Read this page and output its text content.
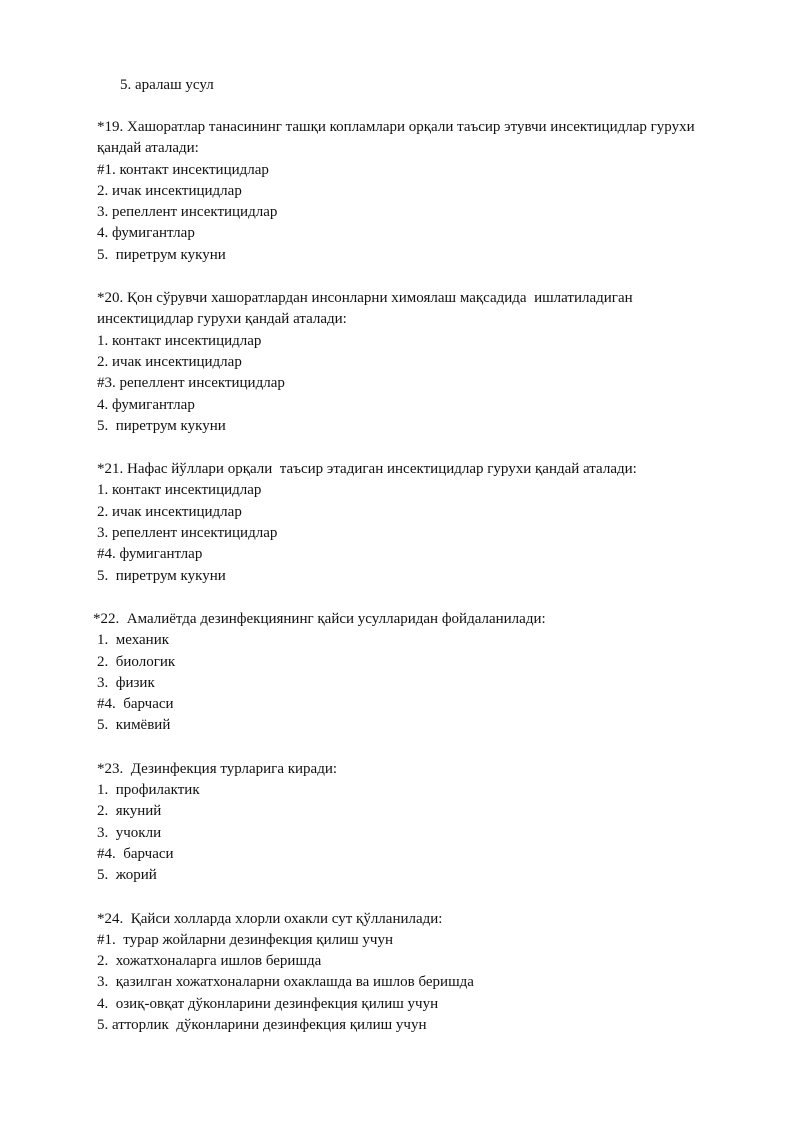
5. аралаш усул
*19. Хашоратлар танасининг ташқи копламлари орқали таъсир этувчи инсектицидлар гурухи қандай аталади:
#1. контакт инсектицидлар
2. ичак инсектицидлар
3. репеллент инсектицидлар
4. фумигантлар
5.  пиретрум кукуни
*20. Қон сўрувчи хашоратлардан инсонларни химоялаш мақсадида  ишлатиладиган инсектицидлар гурухи қандай аталади:
1. контакт инсектицидлар
2. ичак инсектицидлар
#3. репеллент инсектицидлар
4. фумигантлар
5.  пиретрум кукуни
*21. Нафас йўллари орқали  таъсир этадиган инсектицидлар гурухи қандай аталади:
1. контакт инсектицидлар
2. ичак инсектицидлар
3. репеллент инсектицидлар
#4. фумигантлар
5.  пиретрум кукуни
*22.  Амалиётда дезинфекциянинг қайси усулларидан фойдаланилади:
1.  механик
2.  биологик
3.  физик
#4.  барчаси
5.  кимёвий
*23.  Дезинфекция турларига киради:
1.  профилактик
2.  якуний
3.  учокли
#4.  барчаси
5.  жорий
*24.  Қайси холларда хлорли охакли сут қўлланилади:
#1.  турар жойларни дезинфекция қилиш учун
2.  хожатхоналарга ишлов беришда
3.  қазилган хожатхоналарни охаклашда ва ишлов беришда
4.  озиқ-овқат дўконларини дезинфекция қилиш учун
5. атторлик  дўконларини дезинфекция қилиш учун
